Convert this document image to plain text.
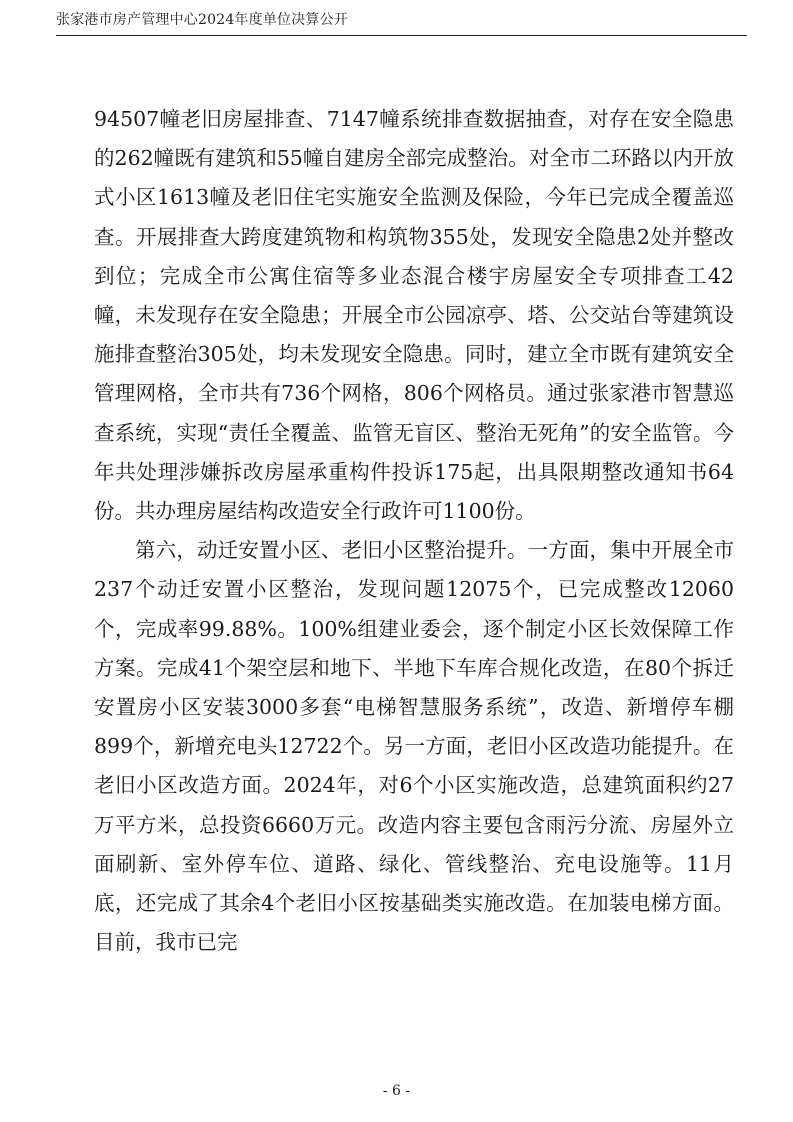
张家港市房产管理中心2024年度单位决算公开

94507幢老旧房屋排查、7147幢系统排查数据抽查，对存在安全隐患的262幢既有建筑和55幢自建房全部完成整治。对全市二环路以内开放式小区1613幢及老旧住宅实施安全监测及保险，今年已完成全覆盖巡查。开展排查大跨度建筑物和构筑物355处，发现安全隐患2处并整改到位；完成全市公寓住宿等多业态混合楼宇房屋安全专项排查工42幢，未发现存在安全隐患；开展全市公园凉亭、塔、公交站台等建筑设施排查整治305处，均未发现安全隐患。同时，建立全市既有建筑安全管理网格，全市共有736个网格，806个网格员。通过张家港市智慧巡查系统，实现“责任全覆盖、监管无盲区、整治无死角”的安全监管。今年共处理涉嫌拆改房屋承重构件投诉175起，出具限期整改通知书64份。共办理房屋结构改造安全行政许可1100份。

第六，动迁安置小区、老旧小区整治提升。一方面，集中开展全市237个动迁安置小区整治，发现问题12075个，已完成整改12060个，完成率99.88%。100%组建业委会，逐个制定小区长效保障工作方案。完成41个架空层和地下、半地下车库合规化改造，在80个拆迁安置房小区安装3000多套“电梯智慧服务系统”，改造、新增停车棚899个，新增充电头12722个。另一方面，老旧小区改造功能提升。在老旧小区改造方面。2024年，对6个小区实施改造，总建筑面积约27万平方米，总投资6660万元。改造内容主要包含雨污分流、房屋外立面刷新、室外停车位、道路、绿化、管线整治、充电设施等。11月底，还完成了其余4个老旧小区按基础类实施改造。在加装电梯方面。目前，我市已完

- 6 -
